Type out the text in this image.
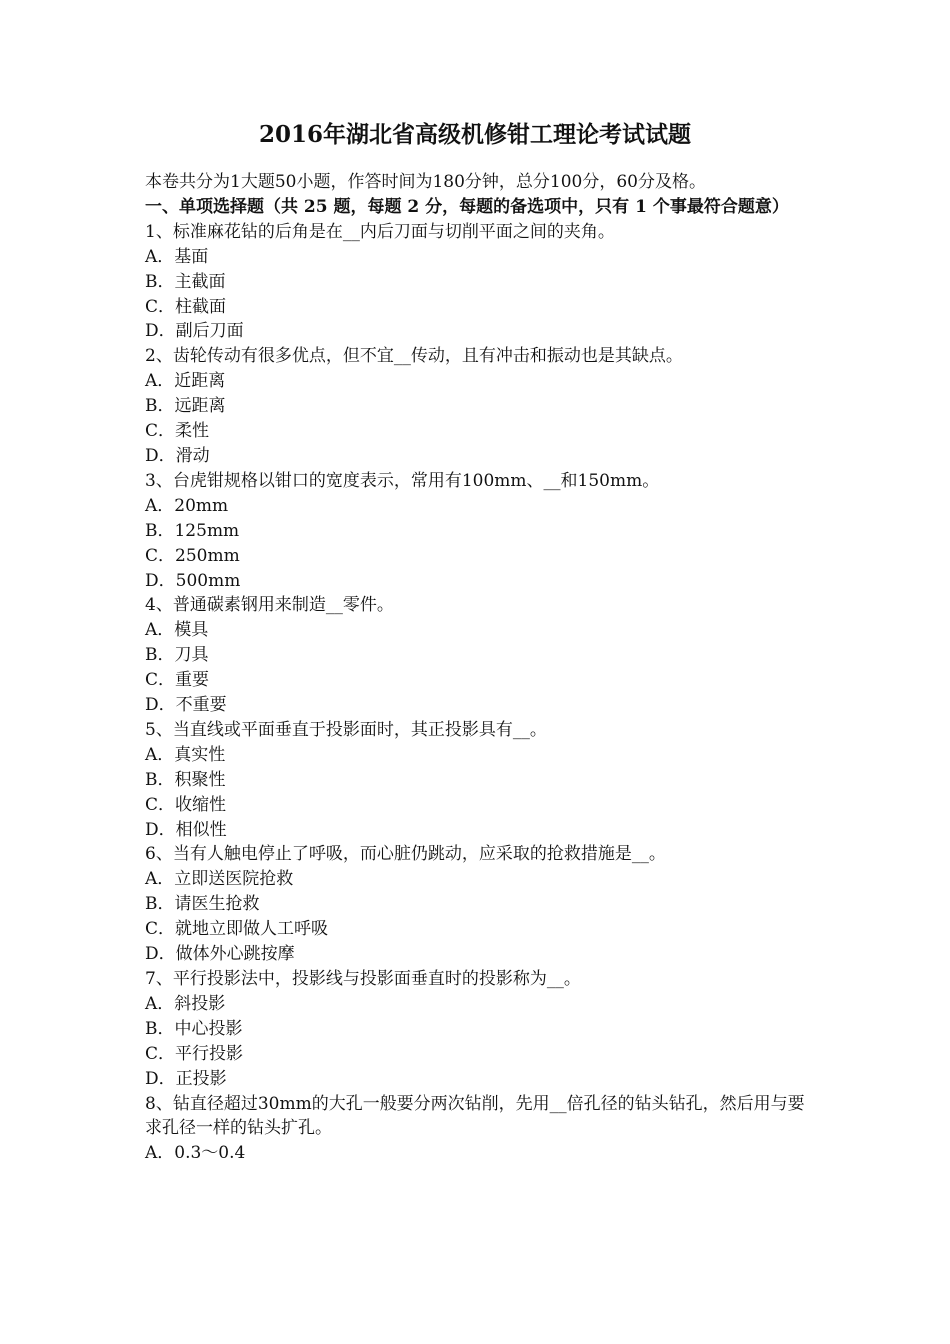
2016年湖北省高级机修钳工理论考试试题
本卷共分为1大题50小题，作答时间为180分钟，总分100分，60分及格。
一、单项选择题（共 25 题，每题 2 分，每题的备选项中，只有 1 个事最符合题意）
1、标准麻花钻的后角是在__内后刀面与切削平面之间的夹角。
A．基面
B．主截面
C．柱截面
D．副后刀面
2、齿轮传动有很多优点，但不宜__传动，且有冲击和振动也是其缺点。
A．近距离
B．远距离
C．柔性
D．滑动
3、台虎钳规格以钳口的宽度表示，常用有100mm、__和150mm。
A．20mm
B．125mm
C．250mm
D．500mm
4、普通碳素钢用来制造__零件。
A．模具
B．刀具
C．重要
D．不重要
5、当直线或平面垂直于投影面时，其正投影具有__。
A．真实性
B．积聚性
C．收缩性
D．相似性
6、当有人触电停止了呼吸，而心脏仍跳动，应采取的抢救措施是__。
A．立即送医院抢救
B．请医生抢救
C．就地立即做人工呼吸
D．做体外心跳按摩
7、平行投影法中，投影线与投影面垂直时的投影称为__。
A．斜投影
B．中心投影
C．平行投影
D．正投影
8、钻直径超过30mm的大孔一般要分两次钻削，先用__倍孔径的钻头钻孔，然后用与要求孔径一样的钻头扩孔。
A．0.3～0.4
